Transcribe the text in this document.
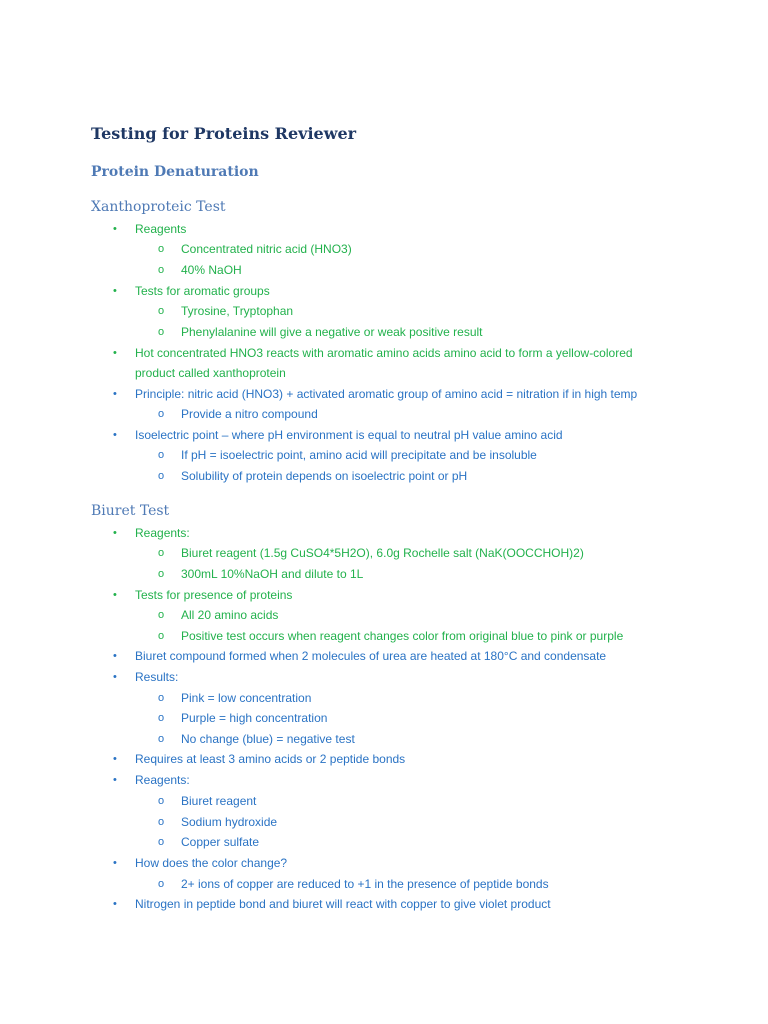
Testing for Proteins Reviewer
Protein Denaturation
Xanthoproteic Test
• Reagents
o Concentrated nitric acid (HNO3)
o 40% NaOH
• Tests for aromatic groups
o Tyrosine, Tryptophan
o Phenylalanine will give a negative or weak positive result
• Hot concentrated HNO3 reacts with aromatic amino acids amino acid to form a yellow-colored
product called xanthoprotein
• Principle: nitric acid (HNO3) + activated aromatic group of amino acid = nitration if in high temp
o Provide a nitro compound
• Isoelectric point – where pH environment is equal to neutral pH value amino acid
o If pH = isoelectric point, amino acid will precipitate and be insoluble
o Solubility of protein depends on isoelectric point or pH
Biuret Test
• Reagents:
o Biuret reagent (1.5g CuSO4*5H2O), 6.0g Rochelle salt (NaK(OOCCHOH)2)
o 300mL 10%NaOH and dilute to 1L
• Tests for presence of proteins
o All 20 amino acids
o Positive test occurs when reagent changes color from original blue to pink or purple
• Biuret compound formed when 2 molecules of urea are heated at 180°C and condensate
• Results:
o Pink = low concentration
o Purple = high concentration
o No change (blue) = negative test
• Requires at least 3 amino acids or 2 peptide bonds
• Reagents:
o Biuret reagent
o Sodium hydroxide
o Copper sulfate
• How does the color change?
o 2+ ions of copper are reduced to +1 in the presence of peptide bonds
• Nitrogen in peptide bond and biuret will react with copper to give violet product
